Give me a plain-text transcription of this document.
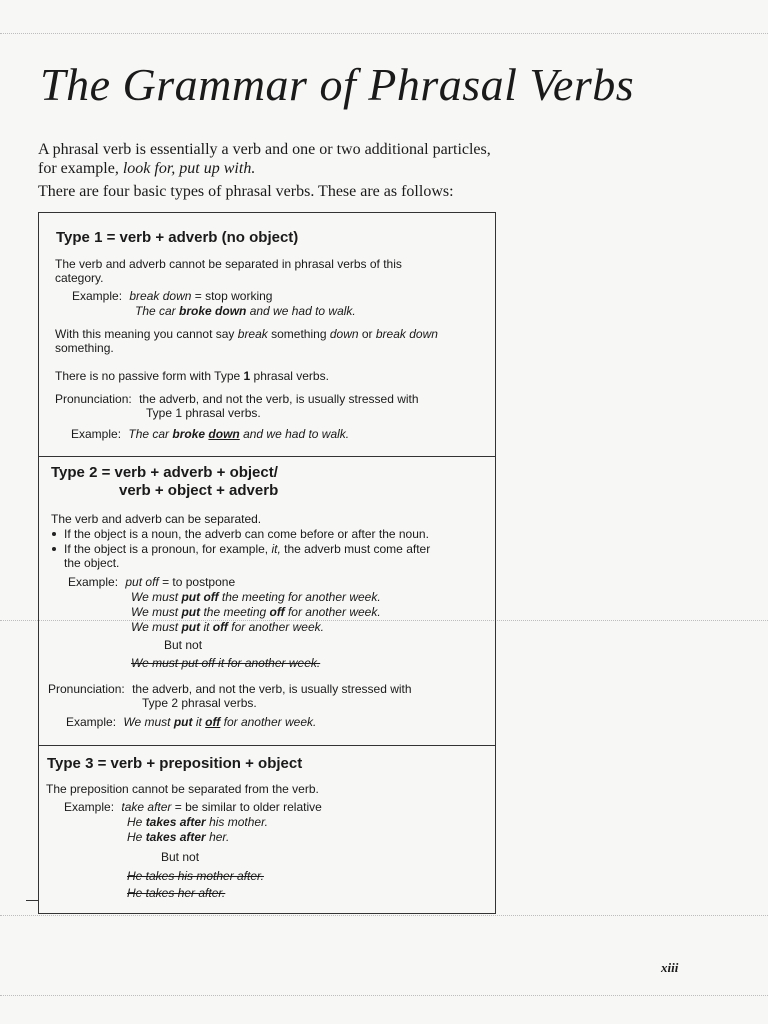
The Grammar of Phrasal Verbs

A phrasal verb is essentially a verb and one or two additional particles, for example, look for, put up with.

There are four basic types of phrasal verbs. These are as follows:

Type 1 = verb + adverb (no object)

The verb and adverb cannot be separated in phrasal verbs of this category.

Example: break down = stop working

The car broke down and we had to walk.

With this meaning you cannot say break something down or break down something.

There is no passive form with Type 1 phrasal verbs.

Pronunciation: the adverb, and not the verb, is usually stressed with

Type 1 phrasal verbs.

Example: The car broke down and we had to walk.

Type 2 = verb + adverb + object/

verb + object + adverb

The verb and adverb can be separated.

If the object is a noun, the adverb can come before or after the noun.

If the object is a pronoun, for example, it, the adverb must come after

the object.

Example: put off = to postpone

We must put off the meeting for another week.

We must put the meeting off for another week.

We must put it off for another week.

But not

We must put off it for another week.

Pronunciation: the adverb, and not the verb, is usually stressed with

Type 2 phrasal verbs.

Example: We must put it off for another week.

Type 3 = verb + preposition + object

The preposition cannot be separated from the verb.

Example: take after = be similar to older relative

He takes after his mother.

He takes after her.

But not

He takes his mother after.

He takes her after.

xiii
